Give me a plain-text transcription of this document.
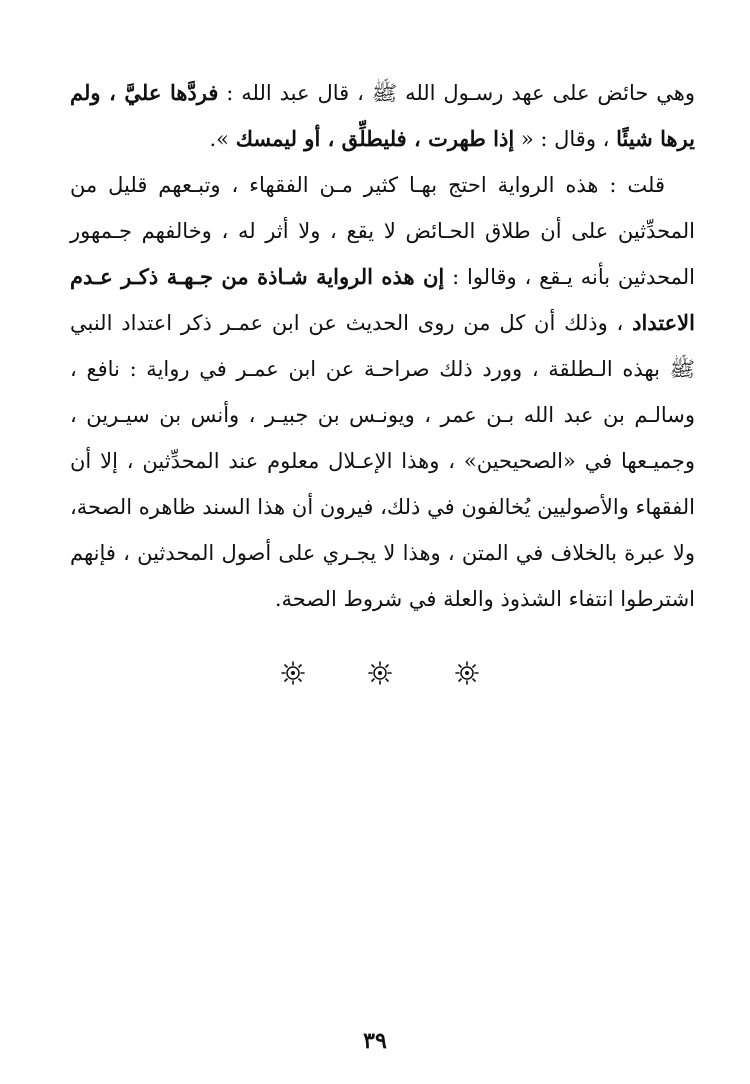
وهي حائض على عهد رسـول الله ﷺ ، قال عبد الله : فردَّها عليَّ ، ولم يرها شيئًا ، وقال : « إذا طهرت ، فليطلِّق ، أو ليمسك ».

قلت : هذه الرواية احتج بهـا كثير مـن الفقهاء ، وتبـعهم قليل من المحدِّثين على أن طلاق الحـائض لا يقع ، ولا أثر له ، وخالفهم جـمهور المحدثين بأنه يـقع ، وقالوا : إن هذه الرواية شـاذة من جـهـة ذكـر عـدم الاعتداد ، وذلك أن كل من روى الحديث عن ابن عمـر ذكر اعتداد النبي ﷺ بهذه الـطلقة ، وورد ذلك صراحـة عن ابن عمـر في رواية : نافع ، وسالـم بن عبد الله بـن عمر ، ويونـس بن جبيـر ، وأنس بن سيـرين ، وجميـعها في «الصحيحين» ، وهذا الإعـلال معلوم عند المحدِّثين ، إلا أن الفقهاء والأصوليين يُخالفون في ذلك، فيرون أن هذا السند ظاهره الصحة، ولا عبرة بالخلاف في المتن ، وهذا لا يجـري على أصول المحدثين ، فإنهم اشترطوا انتفاء الشذوذ والعلة في شروط الصحة.

٣٩
